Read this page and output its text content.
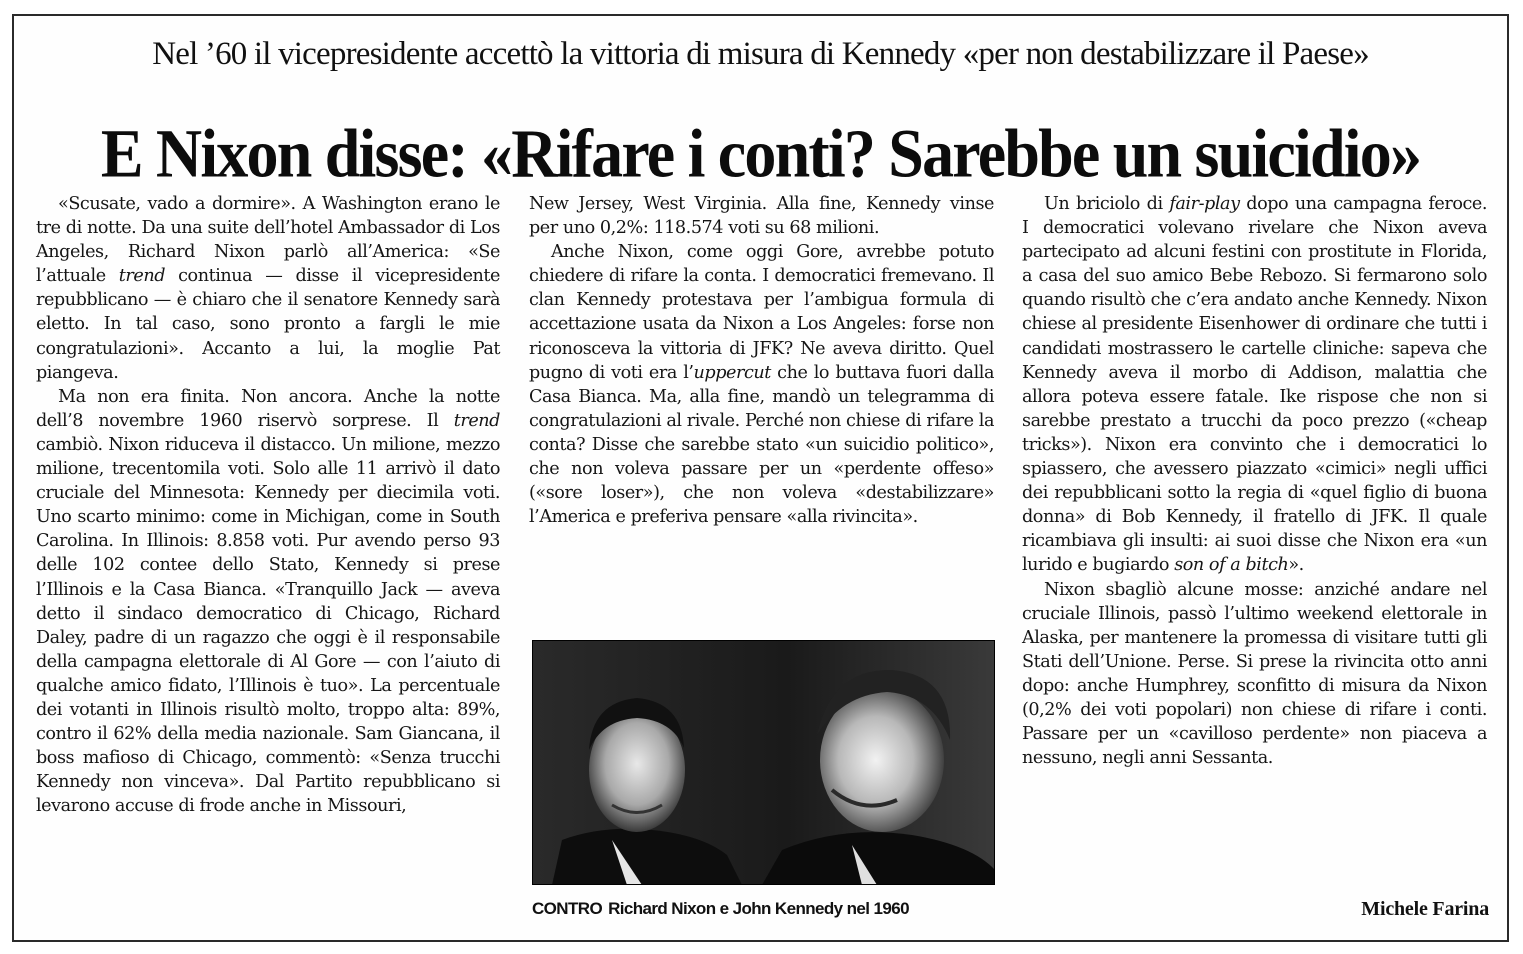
Nel ’60 il vicepresidente accettò la vittoria di misura di Kennedy «per non destabilizzare il Paese»
E Nixon disse: «Rifare i conti? Sarebbe un suicidio»

«Scusate, vado a dormire». A Washington erano le tre di notte. Da una suite dell’hotel Ambassador di Los Angeles, Richard Nixon parlò all’America: «Se l’attuale trend continua — disse il vicepresidente repubblicano — è chiaro che il senatore Kennedy sarà eletto. In tal caso, sono pronto a fargli le mie congratulazioni». Accanto a lui, la moglie Pat piangeva.

Ma non era finita. Non ancora. Anche la notte dell’8 novembre 1960 riservò sorprese. Il trend cambiò. Nixon riduceva il distacco. Un milione, mezzo milione, trecentomila voti. Solo alle 11 arrivò il dato cruciale del Minnesota: Kennedy per diecimila voti. Uno scarto minimo: come in Michigan, come in South Carolina. In Illinois: 8.858 voti. Pur avendo perso 93 delle 102 contee dello Stato, Kennedy si prese l’Illinois e la Casa Bianca. «Tranquillo Jack — aveva detto il sindaco democratico di Chicago, Richard Daley, padre di un ragazzo che oggi è il responsabile della campagna elettorale di Al Gore — con l’aiuto di qualche amico fidato, l’Illinois è tuo». La percentuale dei votanti in Illinois risultò molto, troppo alta: 89%, contro il 62% della media nazionale. Sam Giancana, il boss mafioso di Chicago, commentò: «Senza trucchi Kennedy non vinceva». Dal Partito repubblicano si levarono accuse di frode anche in Missouri,

New Jersey, West Virginia. Alla fine, Kennedy vinse per uno 0,2%: 118.574 voti su 68 milioni.

Anche Nixon, come oggi Gore, avrebbe potuto chiedere di rifare la conta. I democratici fremevano. Il clan Kennedy protestava per l’ambigua formula di accettazione usata da Nixon a Los Angeles: forse non riconosceva la vittoria di JFK? Ne aveva diritto. Quel pugno di voti era l’uppercut che lo buttava fuori dalla Casa Bianca. Ma, alla fine, mandò un telegramma di congratulazioni al rivale. Perché non chiese di rifare la conta? Disse che sarebbe stato «un suicidio politico», che non voleva passare per un «perdente offeso» («sore loser»), che non voleva «destabilizzare» l’America e preferiva pensare «alla rivincita».

CONTRO Richard Nixon e John Kennedy nel 1960

Un briciolo di fair-play dopo una campagna feroce. I democratici volevano rivelare che Nixon aveva partecipato ad alcuni festini con prostitute in Florida, a casa del suo amico Bebe Rebozo. Si fermarono solo quando risultò che c’era andato anche Kennedy. Nixon chiese al presidente Eisenhower di ordinare che tutti i candidati mostrassero le cartelle cliniche: sapeva che Kennedy aveva il morbo di Addison, malattia che allora poteva essere fatale. Ike rispose che non si sarebbe prestato a trucchi da poco prezzo («cheap tricks»). Nixon era convinto che i democratici lo spiassero, che avessero piazzato «cimici» negli uffici dei repubblicani sotto la regia di «quel figlio di buona donna» di Bob Kennedy, il fratello di JFK. Il quale ricambiava gli insulti: ai suoi disse che Nixon era «un lurido e bugiardo son of a bitch».

Nixon sbagliò alcune mosse: anziché andare nel cruciale Illinois, passò l’ultimo weekend elettorale in Alaska, per mantenere la promessa di visitare tutti gli Stati dell’Unione. Perse. Si prese la rivincita otto anni dopo: anche Humphrey, sconfitto di misura da Nixon (0,2% dei voti popolari) non chiese di rifare i conti. Passare per un «cavilloso perdente» non piaceva a nessuno, negli anni Sessanta.

Michele Farina
